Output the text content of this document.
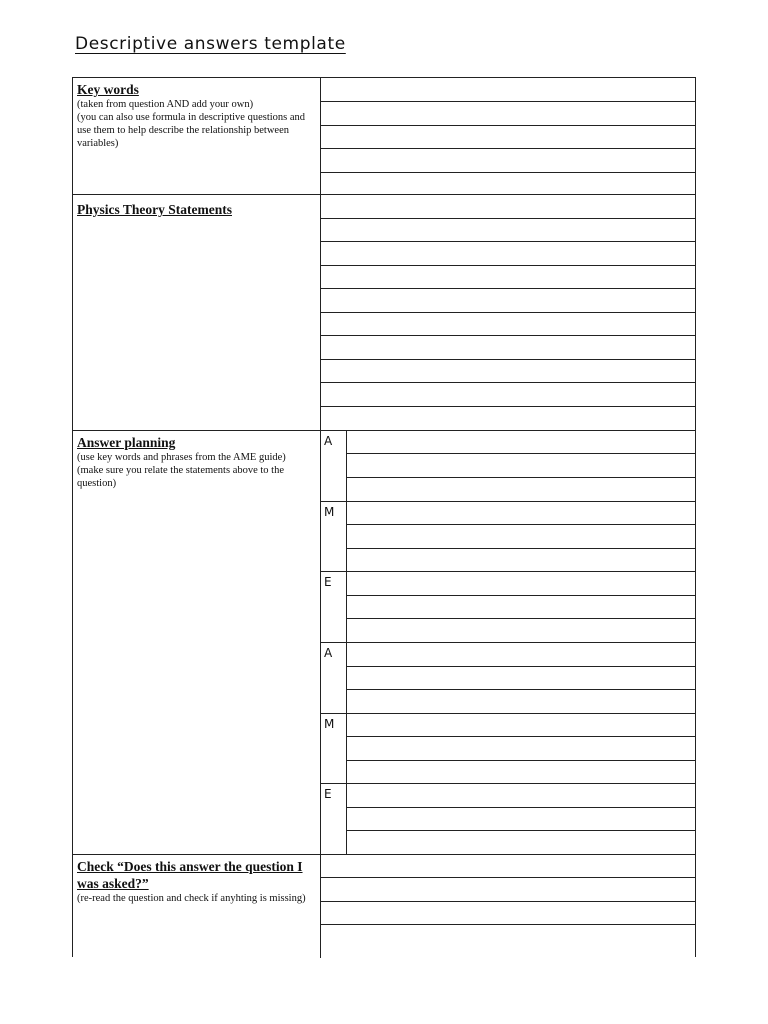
Descriptive answers template

Key words

(taken from question AND add your own)

(you can also use formula in descriptive questions and use them to help describe the relationship between variables)

Physics Theory Statements

Answer planning

(use key words and phrases from the AME guide)

(make sure you relate the statements above to the question)

A
M
E
A
M
E

Check “Does this answer the question I was asked?”

(re-read the question and check if anyhting is missing)
